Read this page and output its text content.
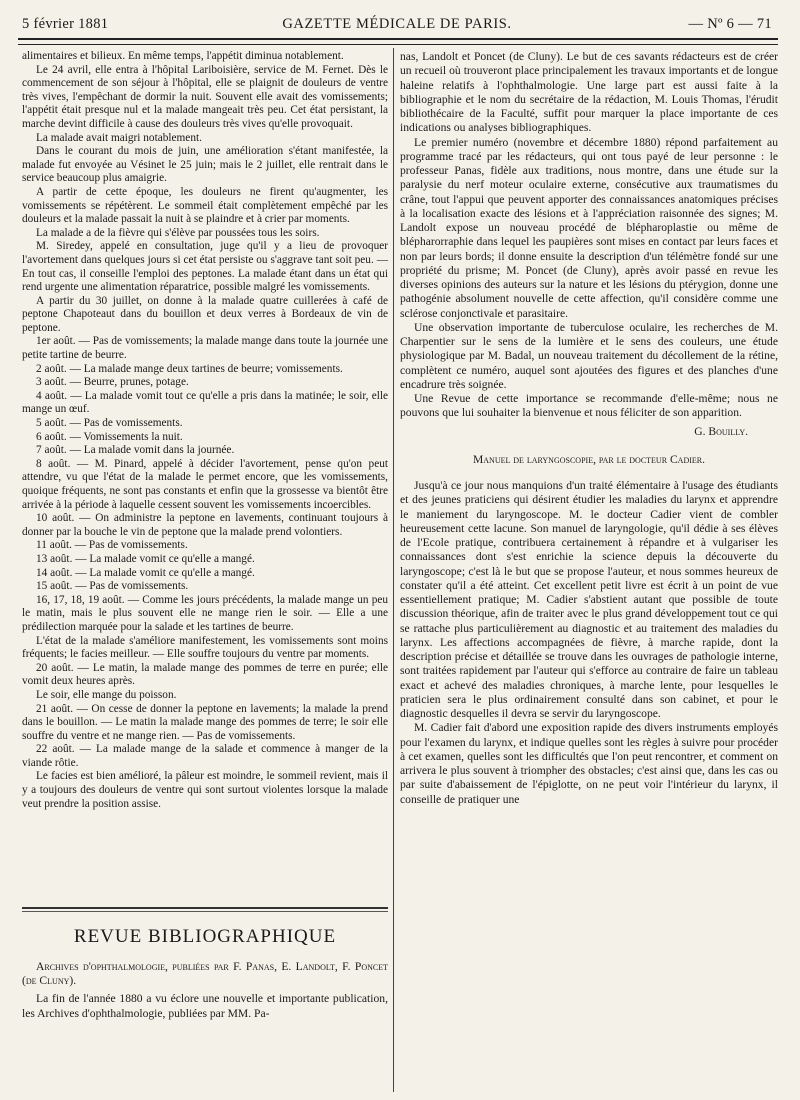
5 février 1881	GAZETTE MÉDICALE DE PARIS.	— Nº 6 — 71

alimentaires et bilieux. En même temps, l'appétit diminua notablement.

Le 24 avril, elle entra à l'hôpital Lariboisière, service de M. Fernet. Dès le commencement de son séjour à l'hôpital, elle se plaignit de douleurs de ventre très vives, l'empêchant de dormir la nuit. Souvent elle avait des vomissements; l'appétit était presque nul et la malade mangeait très peu. Cet état persistant, la marche devint difficile à cause des douleurs très vives qu'elle provoquait.

La malade avait maigri notablement.

Dans le courant du mois de juin, une amélioration s'étant manifestée, la malade fut envoyée au Vésinet le 25 juin; mais le 2 juillet, elle rentrait dans le service beaucoup plus amaigrie.

A partir de cette époque, les douleurs ne firent qu'augmenter, les vomissements se répétèrent. Le sommeil était complètement empêché par les douleurs et la malade passait la nuit à se plaindre et à crier par moments.

La malade a de la fièvre qui s'élève par poussées tous les soirs.

M. Siredey, appelé en consultation, juge qu'il y a lieu de provoquer l'avortement dans quelques jours si cet état persiste ou s'aggrave tant soit peu. — En tout cas, il conseille l'emploi des peptones. La malade étant dans un état qui rend urgente une alimentation réparatrice, possible malgré les vomissements.

A partir du 30 juillet, on donne à la malade quatre cuillerées à café de peptone Chapoteaut dans du bouillon et deux verres à Bordeaux de vin de peptone.

1er août. — Pas de vomissements; la malade mange dans toute la journée une petite tartine de beurre.

2 août. — La malade mange deux tartines de beurre; vomissements.

3 août. — Beurre, prunes, potage.

4 août. — La malade vomit tout ce qu'elle a pris dans la matinée; le soir, elle mange un œuf.

5 août. — Pas de vomissements.

6 août. — Vomissements la nuit.

7 août. — La malade vomit dans la journée.

8 août. — M. Pinard, appelé à décider l'avortement, pense qu'on peut attendre, vu que l'état de la malade le permet encore, que les vomissements, quoique fréquents, ne sont pas constants et enfin que la grossesse va bientôt être arrivée à la période à laquelle cessent souvent les vomissements incoercibles.

10 août. — On administre la peptone en lavements, continuant toujours à donner par la bouche le vin de peptone que la malade prend volontiers.

11 août. — Pas de vomissements.

13 août. — La malade vomit ce qu'elle a mangé.

14 août. — La malade vomit ce qu'elle a mangé.

15 août. — Pas de vomissements.

16, 17, 18, 19 août. — Comme les jours précédents, la malade mange un peu le matin, mais le plus souvent elle ne mange rien le soir. — Elle a une prédilection marquée pour la salade et les tartines de beurre.

L'état de la malade s'améliore manifestement, les vomissements sont moins fréquents; le facies meilleur. — Elle souffre toujours du ventre par moments.

20 août. — Le matin, la malade mange des pommes de terre en purée; elle vomit deux heures après.

Le soir, elle mange du poisson.

21 août. — On cesse de donner la peptone en lavements; la malade la prend dans le bouillon. — Le matin la malade mange des pommes de terre; le soir elle souffre du ventre et ne mange rien. — Pas de vomissements.

22 août. — La malade mange de la salade et commence à manger de la viande rôtie.

Le facies est bien amélioré, la pâleur est moindre, le sommeil revient, mais il y a toujours des douleurs de ventre qui sont surtout violentes lorsque la malade veut prendre la position assise.

REVUE BIBLIOGRAPHIQUE

Archives d'ophthalmologie, publiées par F. Panas, E. Landolt, F. Poncet (de Cluny).

La fin de l'année 1880 a vu éclore une nouvelle et importante publication, les Archives d'ophthalmologie, publiées par MM. Pa-

nas, Landolt et Poncet (de Cluny). Le but de ces savants rédacteurs est de créer un recueil où trouveront place principalement les travaux importants et de longue haleine relatifs à l'ophthalmologie. Une large part est aussi faite à la bibliographie et le nom du secrétaire de la rédaction, M. Louis Thomas, l'érudit bibliothécaire de la Faculté, suffit pour marquer la place importante de ces indications ou analyses bibliographiques.

Le premier numéro (novembre et décembre 1880) répond parfaitement au programme tracé par les rédacteurs, qui ont tous payé de leur personne : le professeur Panas, fidèle aux traditions, nous montre, dans une étude sur la paralysie du nerf moteur oculaire externe, consécutive aux traumatismes du crâne, tout l'appui que peuvent apporter des connaissances anatomiques précises à la localisation exacte des lésions et à l'appréciation raisonnée des signes; M. Landolt expose un nouveau procédé de blépharoplastie ou même de blépharorraphie dans lequel les paupières sont mises en contact par leurs faces et non par leurs bords; il donne ensuite la description d'un télémètre fondé sur une propriété du prisme; M. Poncet (de Cluny), après avoir passé en revue les diverses opinions des auteurs sur la nature et les lésions du ptérygion, donne une pathogénie absolument nouvelle de cette affection, qu'il considère comme une sclérose conjonctivale et parasitaire.

Une observation importante de tuberculose oculaire, les recherches de M. Charpentier sur le sens de la lumière et le sens des couleurs, une étude physiologique par M. Badal, un nouveau traitement du décollement de la rétine, complètent ce numéro, auquel sont ajoutées des figures et des planches d'une encadrure très soignée.

Une Revue de cette importance se recommande d'elle-même; nous ne pouvons que lui souhaiter la bienvenue et nous féliciter de son apparition.

G. Bouilly.

Manuel de laryngoscopie, par le docteur Cadier.

Jusqu'à ce jour nous manquions d'un traité élémentaire à l'usage des étudiants et des jeunes praticiens qui désirent étudier les maladies du larynx et apprendre le maniement du laryngoscope. M. le docteur Cadier vient de combler heureusement cette lacune. Son manuel de laryngologie, qu'il dédie à ses élèves de l'Ecole pratique, contribuera certainement à répandre et à vulgariser les connaissances dont s'est enrichie la science depuis la découverte du laryngoscope; c'est là le but que se propose l'auteur, et nous sommes heureux de constater qu'il a été atteint. Cet excellent petit livre est écrit à un point de vue essentiellement pratique; M. Cadier s'abstient autant que possible de toute discussion théorique, afin de traiter avec le plus grand développement tout ce qui se rattache plus particulièrement au diagnostic et au traitement des maladies du larynx. Les affections accompagnées de fièvre, à marche rapide, dont la description précise et détaillée se trouve dans les ouvrages de pathologie interne, sont traitées rapidement par l'auteur qui s'efforce au contraire de faire un tableau exact et achevé des maladies chroniques, à marche lente, pour lesquelles le praticien sera le plus ordinairement consulté dans son cabinet, et pour le diagnostic desquelles il devra se servir du laryngoscope.

M. Cadier fait d'abord une exposition rapide des divers instruments employés pour l'examen du larynx, et indique quelles sont les règles à suivre pour procéder à cet examen, quelles sont les difficultés que l'on peut rencontrer, et comment on arrivera le plus souvent à triompher des obstacles; c'est ainsi que, dans les cas ou par suite d'abaissement de l'épiglotte, on ne peut voir l'intérieur du larynx, il conseille de pratiquer une
